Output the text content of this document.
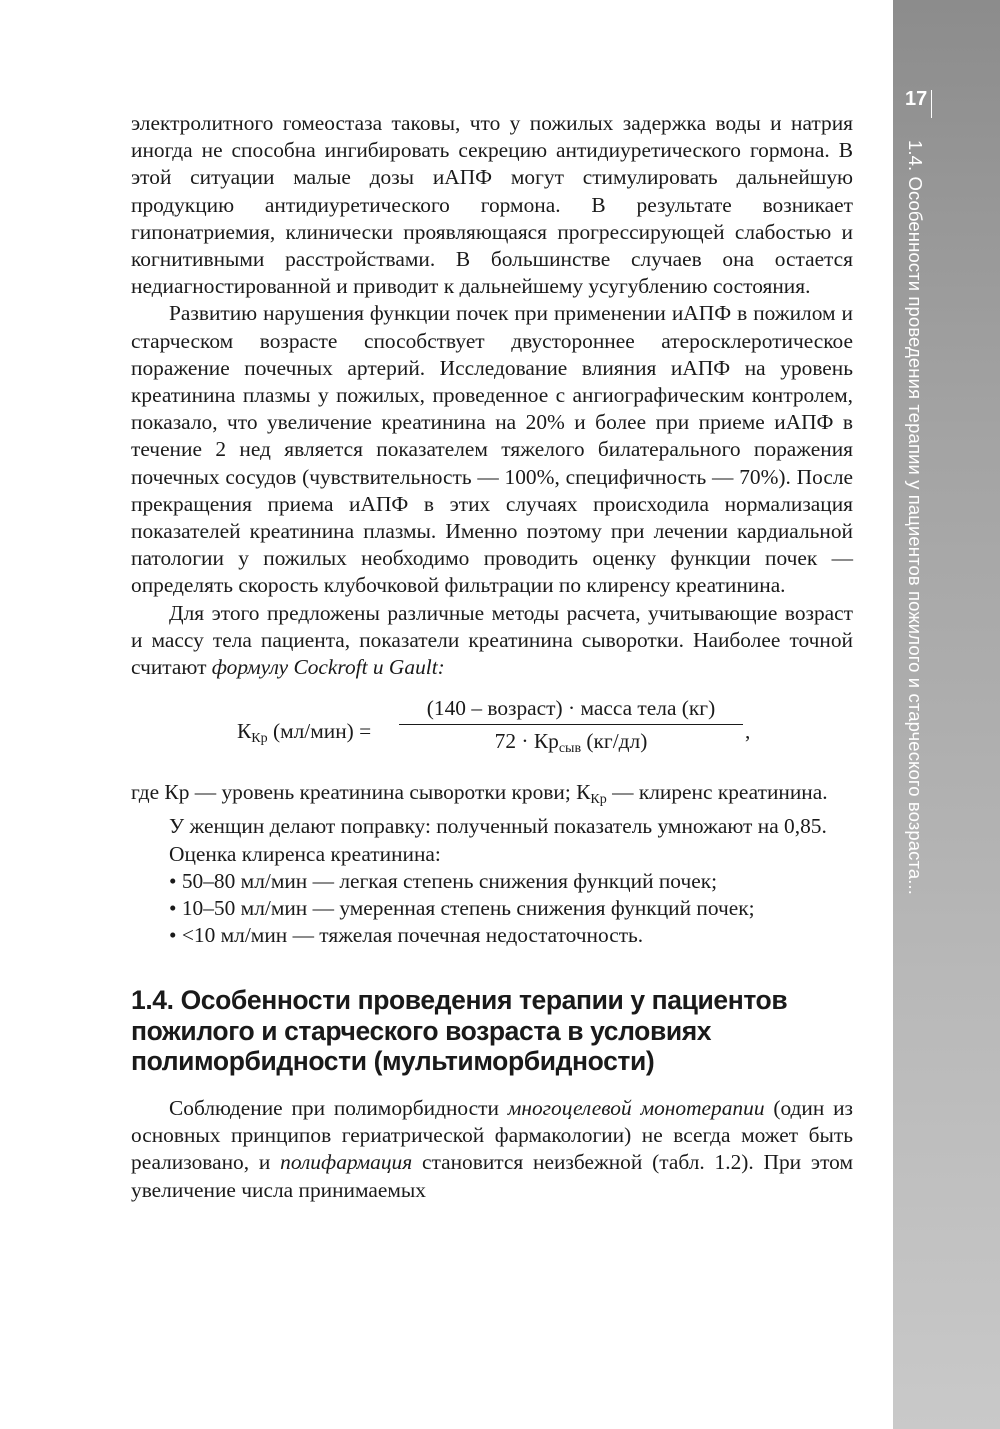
17
1.4. Особенности проведения терапии у пациентов пожилого и старческого возраста...

электролитного гомеостаза таковы, что у пожилых задержка воды и натрия иногда не способна ингибировать секрецию антидиуретического гормона. В этой ситуации малые дозы иАПФ могут стимулировать дальнейшую продукцию антидиуретического гормона. В результате возникает гипонатриемия, клинически проявляющаяся прогрессирующей слабостью и когнитивными расстройствами. В большинстве случаев она остается недиагностированной и приводит к дальнейшему усугублению состояния.

Развитию нарушения функции почек при применении иАПФ в пожилом и старческом возрасте способствует двустороннее атеросклеротическое поражение почечных артерий. Исследование влияния иАПФ на уровень креатинина плазмы у пожилых, проведенное с ангиографическим контролем, показало, что увеличение креатинина на 20% и более при приеме иАПФ в течение 2 нед является показателем тяжелого билатерального поражения почечных сосудов (чувствительность — 100%, специфичность — 70%). После прекращения приема иАПФ в этих случаях происходила нормализация показателей креатинина плазмы. Именно поэтому при лечении кардиальной патологии у пожилых необходимо проводить оценку функции почек — определять скорость клубочковой фильтрации по клиренсу креатинина.

Для этого предложены различные методы расчета, учитывающие возраст и массу тела пациента, показатели креатинина сыворотки. Наиболее точной считают формулу Cockroft и Gault:

$К_{Кр}$ (мл/мин) =
(140 – возраст) · масса тела (кг)
$72 \cdot Кр_{сыв}$ (кг/дл)	,

где Кр — уровень креатинина сыворотки крови; $К_{Кр}$ — клиренс креатинина.

У женщин делают поправку: полученный показатель умножают на 0,85.

Оценка клиренса креатинина:

• 50–80 мл/мин — легкая степень снижения функций почек;
• 10–50 мл/мин — умеренная степень снижения функций почек;
• <10 мл/мин — тяжелая почечная недостаточность.
1.4. Особенности проведения терапии у пациентов пожилого и старческого возраста в условиях полиморбидности (мультиморбидности)

Соблюдение при полиморбидности многоцелевой монотерапии (один из основных принципов гериатрической фармакологии) не всегда может быть реализовано, и полифармация становится неизбежной (табл. 1.2). При этом увеличение числа принимаемых
